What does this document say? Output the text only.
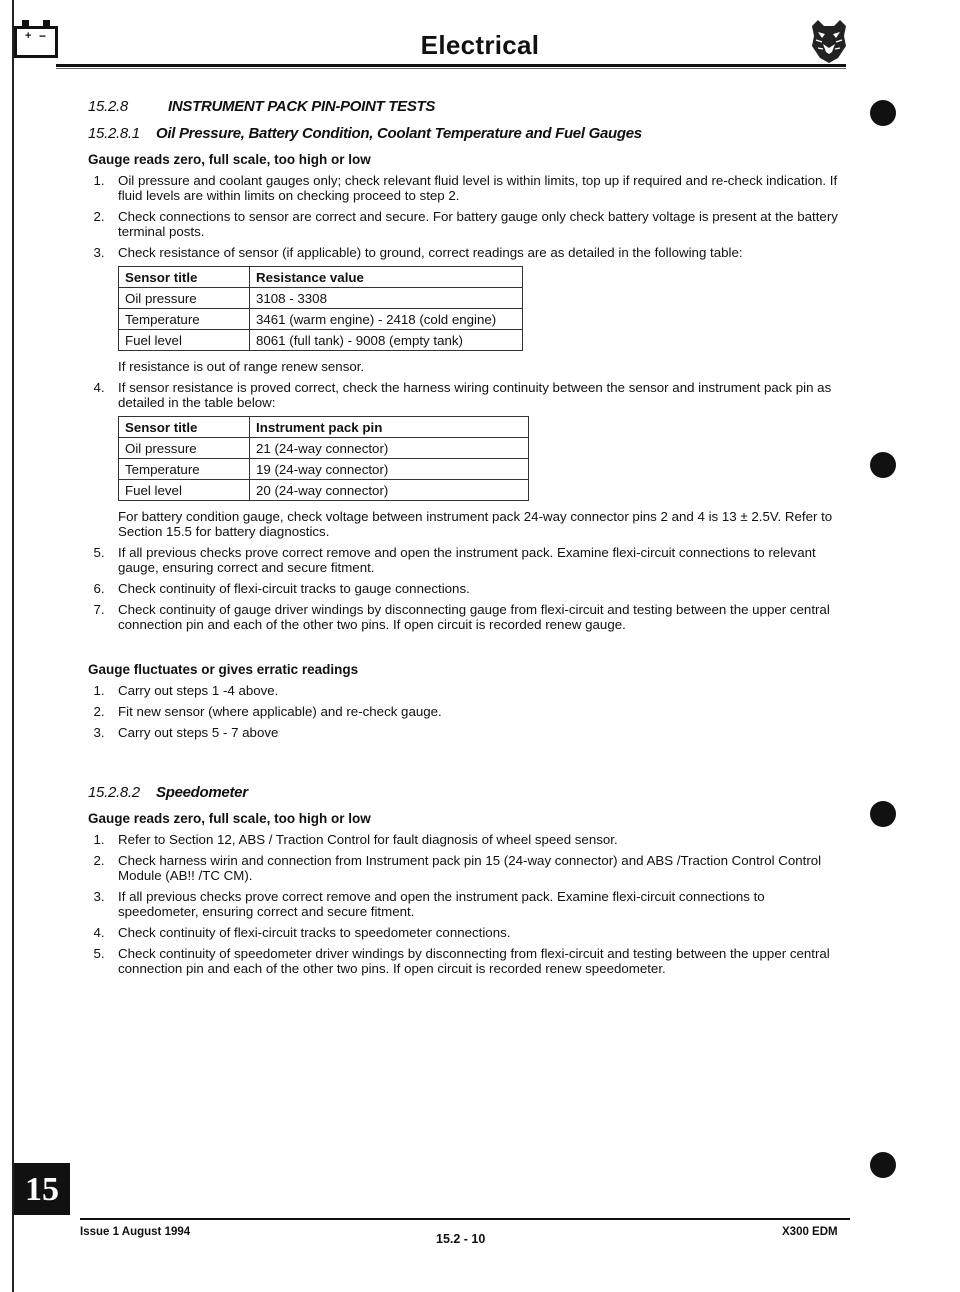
+ −	Electrical
15.2.8	INSTRUMENT PACK PIN-POINT TESTS
15.2.8.1 Oil Pressure, Battery Condition, Coolant Temperature and Fuel Gauges
Gauge reads zero, full scale, too high or low
1.	Oil pressure and coolant gauges only; check relevant fluid level is within limits, top up if required and re-check indication. If fluid levels are within limits on checking proceed to step 2.
2.	Check connections to sensor are correct and secure. For battery gauge only check battery voltage is present at the battery terminal posts.
3.	Check resistance of sensor (if applicable) to ground, correct readings are as detailed in the following table:
Sensor title	Resistance value
Oil pressure	3108 - 3308
Temperature	3461 (warm engine) - 2418 (cold engine)
Fuel level	8061 (full tank) - 9008 (empty tank)
If resistance is out of range renew sensor.
4.	If sensor resistance is proved correct, check the harness wiring continuity between the sensor and instrument pack pin as detailed in the table below:
Sensor title	Instrument pack pin
Oil pressure	21 (24-way connector)
Temperature	19 (24-way connector)
Fuel level	20 (24-way connector)
For battery condition gauge, check voltage between instrument pack 24-way connector pins 2 and 4 is 13 ± 2.5V. Refer to Section 15.5 for battery diagnostics.
5.	If all previous checks prove correct remove and open the instrument pack. Examine flexi-circuit connections to relevant gauge, ensuring correct and secure fitment.
6.	Check continuity of flexi-circuit tracks to gauge connections.
7.	Check continuity of gauge driver windings by disconnecting gauge from flexi-circuit and testing between the upper central connection pin and each of the other two pins. If open circuit is recorded renew gauge.
Gauge fluctuates or gives erratic readings
1.	Carry out steps 1 -4 above.
2.	Fit new sensor (where applicable) and re-check gauge.
3.	Carry out steps 5 - 7 above
15.2.8.2 Speedometer
Gauge reads zero, full scale, too high or low
1.	Refer to Section 12, ABS / Traction Control for fault diagnosis of wheel speed sensor.
2.	Check harness wirin and connection from Instrument pack pin 15 (24-way connector) and ABS /Traction Control Control Module (AB!! /TC CM).
3.	If all previous checks prove correct remove and open the instrument pack. Examine flexi-circuit connections to speedometer, ensuring correct and secure fitment.
4.	Check continuity of flexi-circuit tracks to speedometer connections.
5.	Check continuity of speedometer driver windings by disconnecting from flexi-circuit and testing between the upper central connection pin and each of the other two pins. If open circuit is recorded renew speedometer.
15
Issue 1 August 1994	15.2 - 10	X300 EDM
